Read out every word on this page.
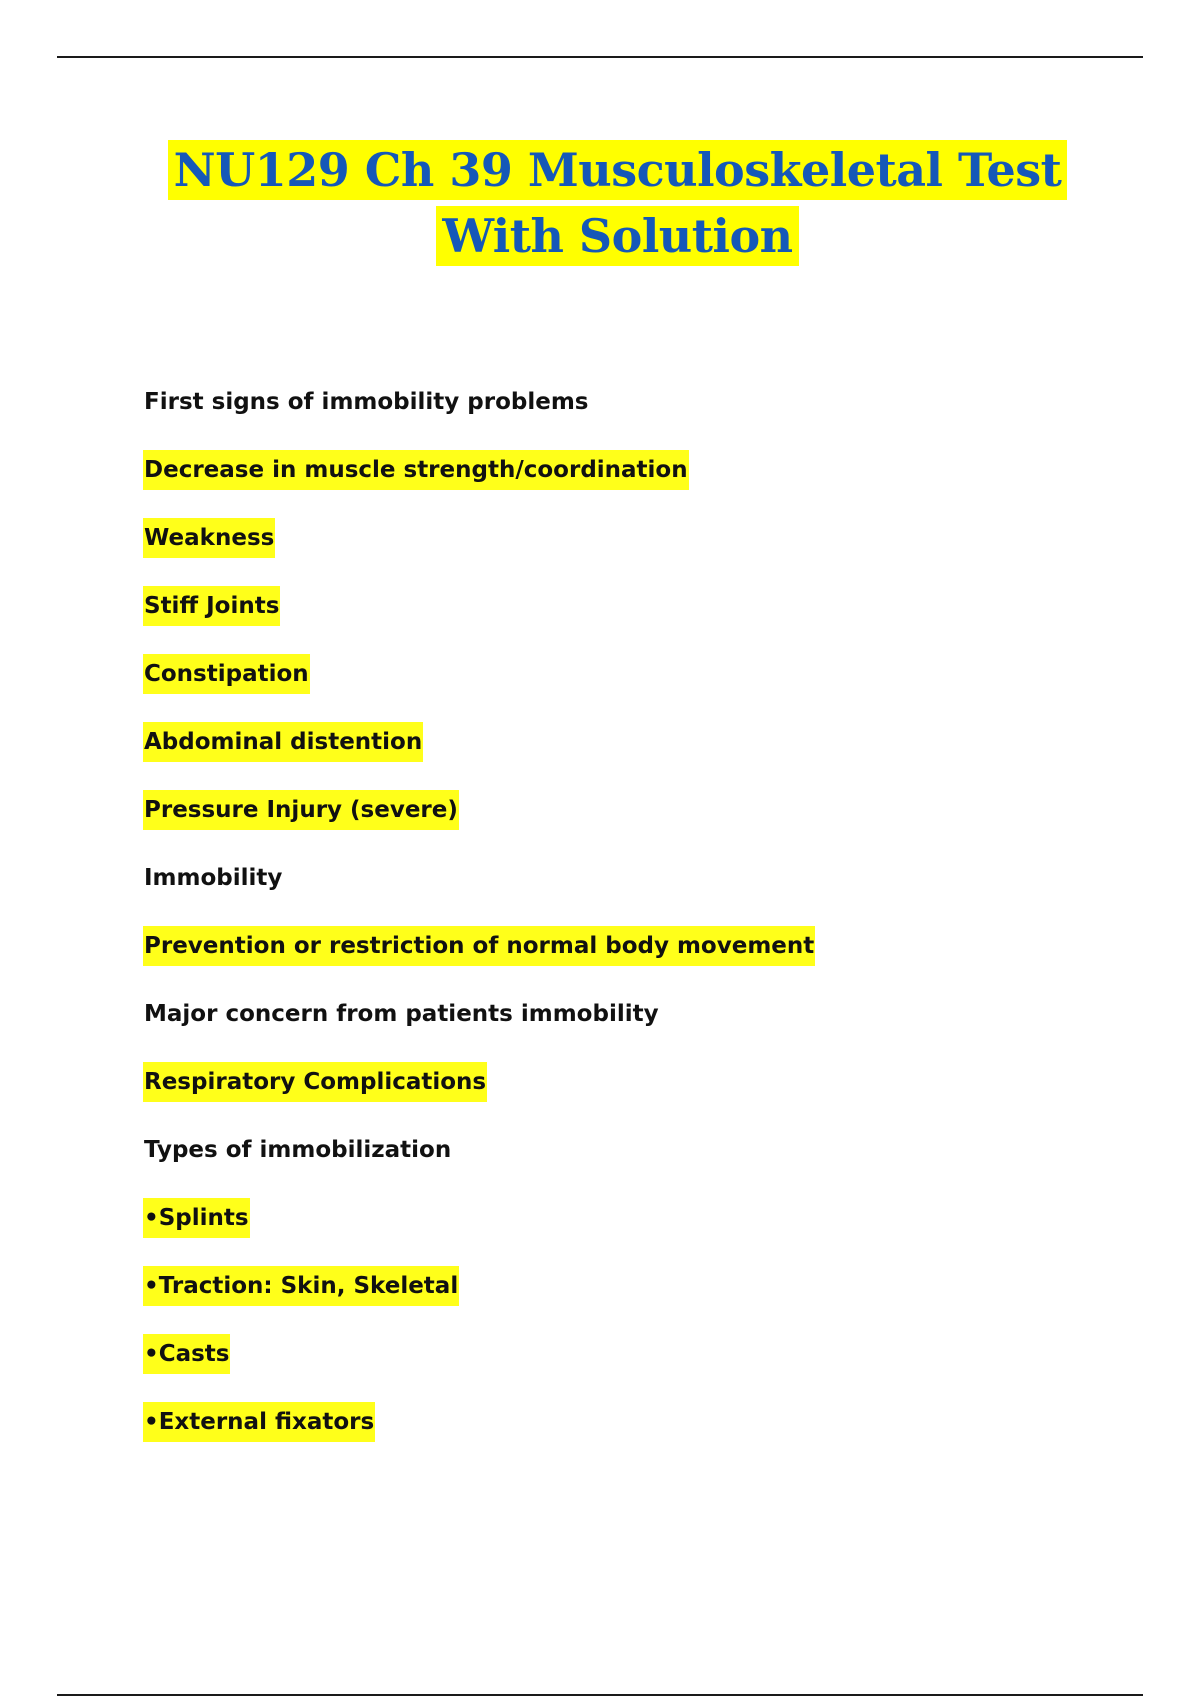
NU129 Ch 39 Musculoskeletal Test
With Solution
First signs of immobility problems
Decrease in muscle strength/coordination
Weakness
Stiff Joints
Constipation
Abdominal distention
Pressure Injury (severe)
Immobility
Prevention or restriction of normal body movement
Major concern from patients immobility
Respiratory Complications
Types of immobilization
•Splints
•Traction: Skin, Skeletal
•Casts
•External fixators
